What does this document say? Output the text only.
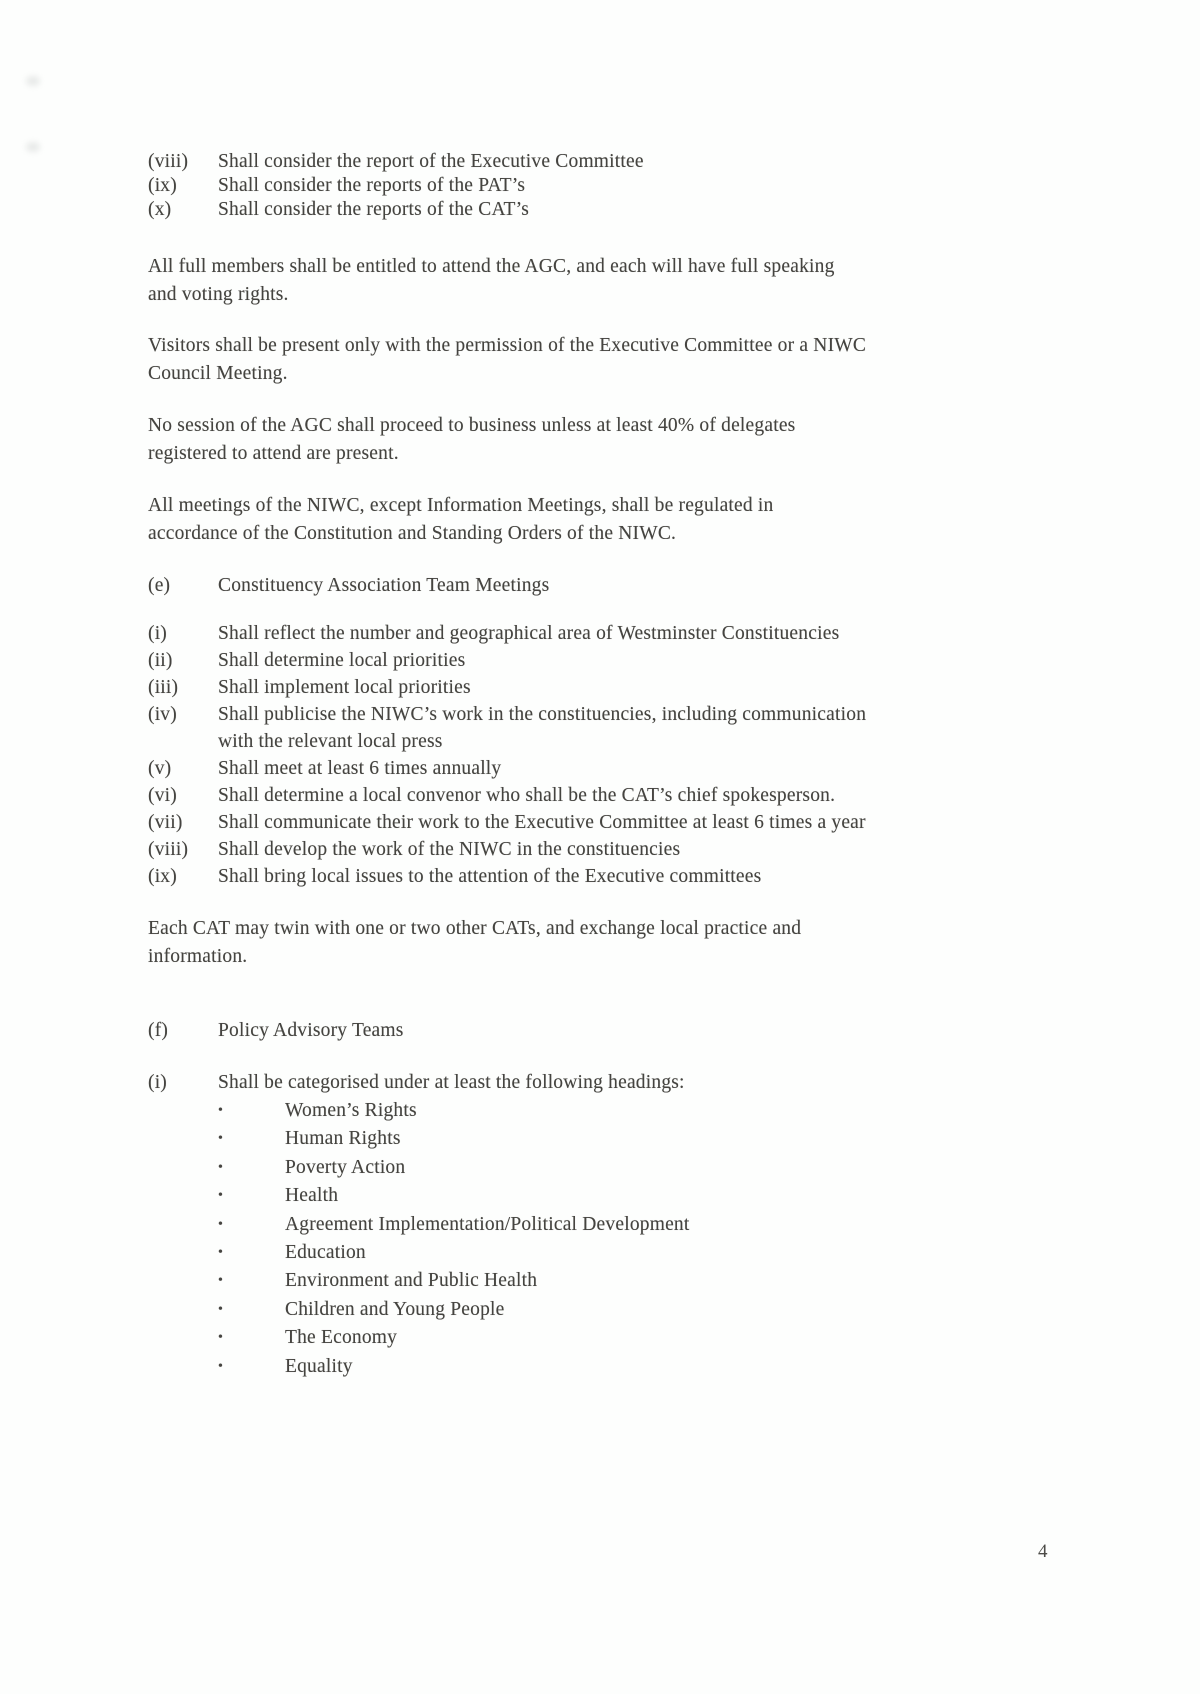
(viii)	Shall consider the report of the Executive Committee
(ix)	Shall consider the reports of the PAT’s
(x)	Shall consider the reports of the CAT’s
All full members shall be entitled to attend the AGC, and each will have full speaking
and voting rights.
Visitors shall be present only with the permission of the Executive Committee or a NIWC
Council Meeting.
No session of the AGC shall proceed to business unless at least 40% of delegates
registered to attend are present.
All meetings of the NIWC, except Information Meetings, shall be regulated in
accordance of the Constitution and Standing Orders of the NIWC.
(e)	Constituency Association Team Meetings
(i)	Shall reflect the number and geographical area of Westminster Constituencies

(ii)	Shall determine local priorities

(iii)	Shall implement local priorities

(iv)	Shall publicise the NIWC’s work in the constituencies, including communication
with the relevant local press

(v)	Shall meet at least 6 times annually

(vi)	Shall determine a local convenor who shall be the CAT’s chief spokesperson.

(vii)	Shall communicate their work to the Executive Committee at least 6 times a year

(viii)	Shall develop the work of the NIWC in the constituencies

(ix)	Shall bring local issues to the attention of the Executive committees
Each CAT may twin with one or two other CATs, and exchange local practice and
information.
(f)	Policy Advisory Teams
(i)	Shall be categorised under at least the following headings:
•	Women’s Rights
•	Human Rights
•	Poverty Action
•	Health
•	Agreement Implementation/Political Development
•	Education
•	Environment and Public Health
•	Children and Young People
•	The Economy
•	Equality
4
